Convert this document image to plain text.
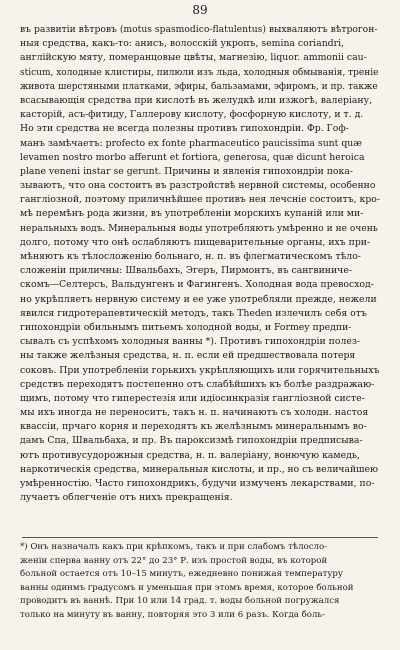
89
въ развитiи вѣтровъ (motus spasmodico-flatulentus) выхваляютъ вѣтрогон-
ныя средства, какъ-то: анисъ, волосскiй укропъ, semina coriandri,
англiйскую мяту, померанцовые цвѣты, магнезiю, liquor. ammonii cau-
sticum, холодные клистиры, пилюли изъ льда, холодныя обмыванiя, тренiе
живота шерстяными платками, эфиры, бальзамами, эфиромъ, и пр. также
всасывающiя средства при кислотѣ въ желудкѣ или изжогѣ, валерiану,
касторiй, асъ-фитиду, Галлерову кислоту, фосфорную кислоту, и т. д.
Но эти средства не всегда полезны противъ гипохондрiи. Фр. Гоф-
манъ замѣчаетъ: profecto ex fonte pharmaceutico paucissima sunt quæ
levamen nostro morbo afferunt et fortiora, generosa, quæ dicunt heroica
plane veneni instar se gerunt. Причины и явленiя гипохондрiи пока-
зываютъ, что она состоитъ въ разстройствѣ нервной системы, особенно
ганглiозной, поэтому приличнѣйшее противъ нея лечснiе состоитъ, кро-
мѣ перемѣнъ рода жизни, въ употребленiи морскихъ купанiй или ми-
неральныхъ водъ. Минеральныя воды употребляютъ умѣренно и не очень
долго, потому что онѣ ослабляютъ пищеварительные органы, ихъ при-
мѣняютъ къ тѣлосложенiю больнаго, н. п. въ флегматическомъ тѣло-
сложенiи приличны: Швальбахъ, Эгеръ, Пирмонтъ, въ сангвиниче-
скомъ—Селтерсъ, Вальдунгенъ и Фагингенъ. Холодная вода превосход-
но укрѣпляетъ нервную систему и ее уже употребляли прежде, нежели
явился гидротерапевтическiй методъ, такъ Thеden излечилъ себя отъ
гипохондрiи обильнымъ питьемъ холодной воды, и Formey предпи-
сывалъ съ успѣхомъ холодныя ванны *). Противъ гипохондрiи полез-
ны также желѣзныя средства, н. п. если ей предшествовала потеря
соковъ. При употребленiи горькихъ укрѣпляющихъ или горячительныхъ
средствъ переходятъ постепенно отъ слабѣйшихъ къ болѣе раздражаю-
щимъ, потому что гиперестезiя или идiосинкразiя ганглiозной систе-
мы ихъ иногда не переноситъ, такъ н. п. начинаютъ съ холодн. настоя
квассiи, прчаго корня и переходятъ къ желѣзнымъ минеральнымъ во-
дамъ Спа, Швальбаха, и пр. Въ пароксизмѣ гипохондрiи предписыва-
ютъ противусудорожныя средства, н. п. валерiану, вонючую камедь,
наркотическiя средства, минеральныя кислоты, и пр., но съ величайшею
умѣренностiю. Часто гипохондрикъ, будучи измученъ лекарствами, по-
лучаетъ облегченiе отъ нихъ прекращенiя.
*) Онъ назначалъ какъ при крѣпкомъ, такъ и при слабомъ тѣлосло-
женiи сперва ванну отъ 22° до 23° Р. изъ простой воды, въ которой
больной остается отъ 10–15 минутъ, ежедневно понижая температуру
ванны одинмъ градусомъ и уменьшая при этомъ время, которое больной
проводитъ въ ваннѣ. При 10 или 14 град. т. воды больной погружался
только на минуту въ ванну, повторяя это 3 или 6 разъ. Когда боль-
